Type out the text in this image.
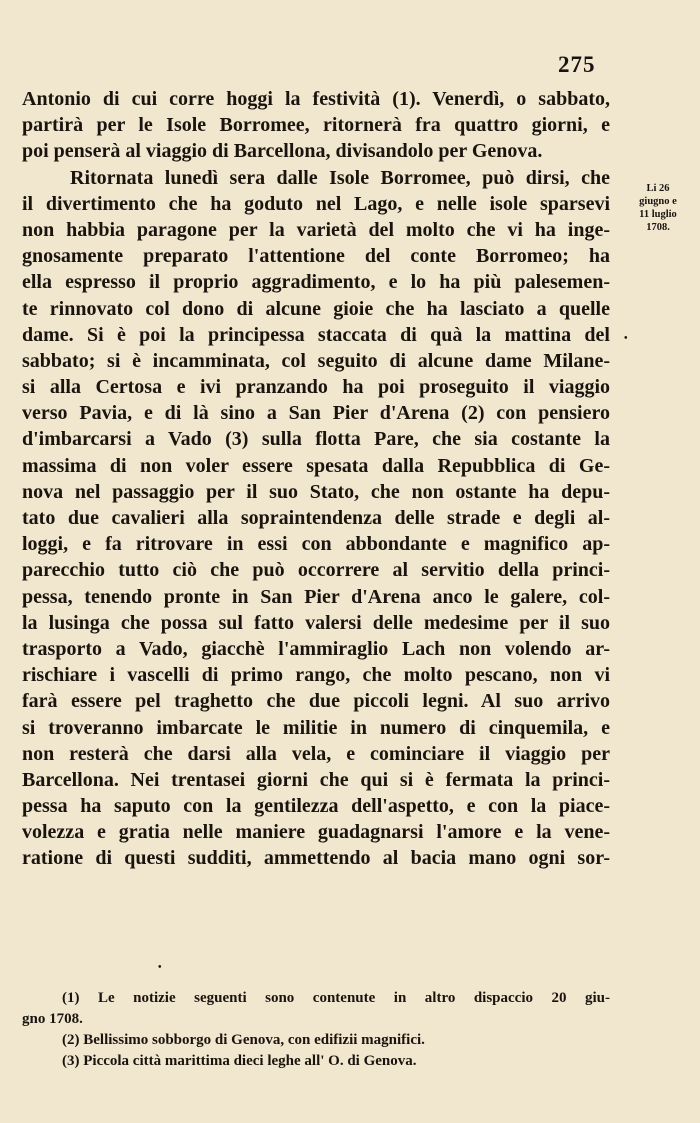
275
Antonio di cui corre hoggi la festività (1). Venerdì, o sabbato,
partirà per le Isole Borromee, ritornerà fra quattro giorni, e
poi penserà al viaggio di Barcellona, divisandolo per Genova.
Ritornata lunedì sera dalle Isole Borromee, può dirsi, che
il divertimento che ha goduto nel Lago, e nelle isole sparsevi
non habbia paragone per la varietà del molto che vi ha inge-
gnosamente preparato l'attentione del conte Borromeo; ha
ella espresso il proprio aggradimento, e lo ha più palesemen-
te rinnovato col dono di alcune gioie che ha lasciato a quelle
dame. Si è poi la principessa staccata di quà la mattina del
sabbato; si è incamminata, col seguito di alcune dame Milane-
si alla Certosa e ivi pranzando ha poi proseguito il viaggio
verso Pavia, e di là sino a San Pier d'Arena (2) con pensiero
d'imbarcarsi a Vado (3) sulla flotta Pare, che sia costante la
massima di non voler essere spesata dalla Repubblica di Ge-
nova nel passaggio per il suo Stato, che non ostante ha depu-
tato due cavalieri alla sopraintendenza delle strade e degli al-
loggi, e fa ritrovare in essi con abbondante e magnifico ap-
parecchio tutto ciò che può occorrere al servitio della princi-
pessa, tenendo pronte in San Pier d'Arena anco le galere, col-
la lusinga che possa sul fatto valersi delle medesime per il suo
trasporto a Vado, giacchè l'ammiraglio Lach non volendo ar-
rischiare i vascelli di primo rango, che molto pescano, non vi
farà essere pel traghetto che due piccoli legni. Al suo arrivo
si troveranno imbarcate le militie in numero di cinquemila, e
non resterà che darsi alla vela, e cominciare il viaggio per
Barcellona. Nei trentasei giorni che qui si è fermata la princi-
pessa ha saputo con la gentilezza dell'aspetto, e con la piace-
volezza e gratia nelle maniere guadagnarsi l'amore e la vene-
ratione di questi sudditi, ammettendo al bacia mano ogni sor-
Li 26
giugno e
11 luglio
1708.
•
•
(1) Le notizie seguenti sono contenute in altro dispaccio 20 giu-
gno 1708.
(2) Bellissimo sobborgo di Genova, con edifizii magnifici.
(3) Piccola città marittima dieci leghe all' O. di Genova.
